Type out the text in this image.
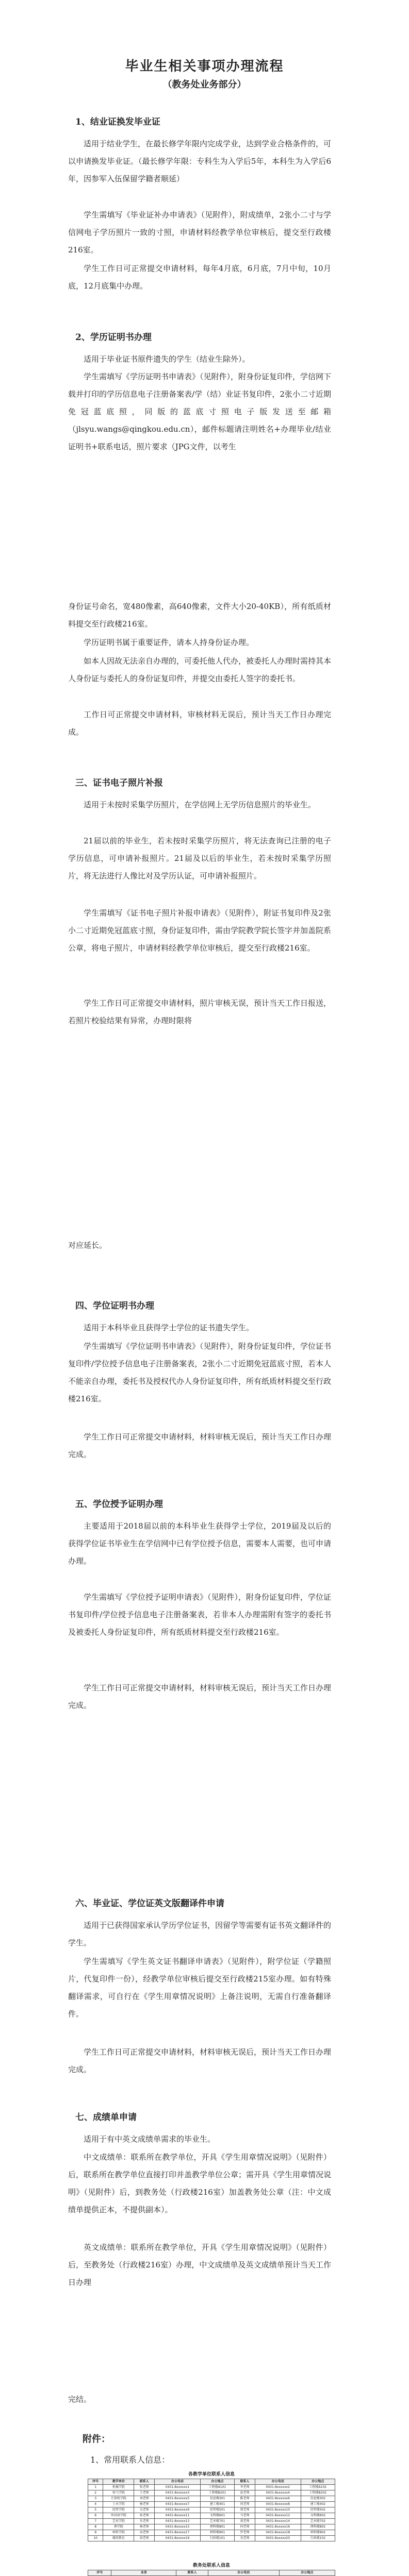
毕业生相关事项办理流程
（教务处业务部分）
1、结业证换发毕业证

适用于结业学生，在最长修学年限内完成学业，达到学业合格条件的，可以申请换发毕业证。（最长修学年限：专科生为入学后5年，本科生为入学后6年，因参军入伍保留学籍者顺延）

学生需填写《毕业证补办申请表》（见附件），附成绩单，2张小二寸与学信网电子学历照片一致的寸照，申请材料经教学单位审核后，提交至行政楼216室。

学生工作日可正常提交申请材料，每年4月底，6月底，7月中旬，10月底，12月底集中办理。

2、学历证明书办理

适用于毕业证书原件遗失的学生（结业生除外）。

学生需填写《学历证明书申请表》（见附件），附身份证复印件，学信网下载并打印的学历信息电子注册备案表/学（结）业证书复印件，2张小二寸近期免冠蓝底照，同版的蓝底寸照电子版发送至邮箱（jlsyu.wangs@qingkou.edu.cn），邮件标题请注明姓名+办理毕业/结业证明书+联系电话，照片要求（JPG文件，以考生

身份证号命名，宽480像素，高640像素，文件大小20-40KB），所有纸质材料提交至行政楼216室。

学历证明书属于重要证件，请本人持身份证办理。

如本人因故无法亲自办理的，可委托他人代办，被委托人办理时需持其本人身份证与委托人的身份证复印件，并提交由委托人签字的委托书。

工作日可正常提交申请材料，审核材料无误后，预计当天工作日办理完成。

三、证书电子照片补报

适用于未按时采集学历照片，在学信网上无学历信息照片的毕业生。

21届以前的毕业生，若未按时采集学历照片，将无法查询已注册的电子学历信息，可申请补报照片。21届及以后的毕业生，若未按时采集学历照片，将无法进行人像比对及学历认证，可申请补报照片。

学生需填写《证书电子照片补报申请表》（见附件），附证书复印件及2张小二寸近期免冠蓝底寸照，身份证复印件，需由学院教学院长签字并加盖院系公章，将电子照片，申请材料经教学单位审核后，提交至行政楼216室。

学生工作日可正常提交申请材料，照片审核无误，预计当天工作日报送，若照片校验结果有异常，办理时限将

对应延长。

四、学位证明书办理

适用于本科毕业且获得学士学位的证书遗失学生。

学生需填写《学位证明书申请表》（见附件），附身份证复印件，学位证书复印件/学位授予信息电子注册备案表，2张小二寸近期免冠蓝底寸照，若本人不能亲自办理，委托书及授权代办人身份证复印件，所有纸质材料提交至行政楼216室。

学生工作日可正常提交申请材料，材料审核无误后，预计当天工作日办理完成。

五、学位授予证明办理

主要适用于2018届以前的本科毕业生获得学士学位，2019届及以后的获得学位证书毕业生在学信网中已有学位授予信息，需要本人需要，也可申请办理。

学生需填写《学位授予证明申请表》（见附件），附身份证复印件，学位证书复印件/学位授予信息电子注册备案表，若非本人办理需附有签字的委托书及被委托人身份证复印件，所有纸质材料提交至行政楼216室。

学生工作日可正常提交申请材料，材料审核无误后，预计当天工作日办理完成。

六、毕业证、学位证英文版翻译件申请

适用于已获得国家承认学历学位证书，因留学等需要有证书英文翻译件的学生。

学生需填写《学生英文证书翻译申请表》（见附件），附学位证（学籍照片，代复印件一份），经教学单位审核后提交至行政楼215室办理。如有特殊翻译需求，可自行在《学生用章情况说明》上备注说明，无需自行准备翻译件。

学生工作日可正常提交申请材料，材料审核无误后，预计当天工作日办理完成。

七、成绩单申请

适用于有中英文成绩单需求的毕业生。

中文成绩单：联系所在教学单位，开具《学生用章情况说明》（见附件）后，联系所在教学单位直接打印并盖教学单位公章；需开具《学生用章情况说明》（见附件）后，到教务处（行政楼216室）加盖教务处公章（注：中文成绩单提供正本，不提供副本）。

英文成绩单：联系所在教学单位，开具《学生用章情况说明》（见附件）后，至教务处（行政楼216室）办理，中文成绩单及英文成绩单预计当天工作日办理

完结。

附件：
1、常用联系人信息：
各教学单位联系人信息
序号	教学单位	联系人	办公电话	办公地点	联系人	办公电话	办公地点
1	机械学院	张老师	0431-8xxxxxx1	工程楼A101	李老师	0431-8xxxxxx2	工程楼A102
2	电气学院	王老师	0431-8xxxxxx3	工程楼B201	赵老师	0431-8xxxxxx4	工程楼B202
3	计算机学院	刘老师	0431-8xxxxxx5	信息楼301	陈老师	0431-8xxxxxx6	信息楼302
4	土木学院	杨老师	0431-8xxxxxx7	建工楼401	周老师	0431-8xxxxxx8	建工楼402
5	经管学院	吴老师	0431-8xxxxxx9	经管楼501	郑老师	0431-8xxxxx10	经管楼502
6	外国语学院	孙老师	0431-8xxxxx11	文科楼601	马老师	0431-8xxxxx12	文科楼602
7	艺术学院	朱老师	0431-8xxxxx13	艺术楼701	胡老师	0431-8xxxxx14	艺术楼702
8	理学院	林老师	0431-8xxxxx15	理科楼801	何老师	0431-8xxxxx16	理科楼802
9	材料学院	高老师	0431-8xxxxx17	材料楼901	罗老师	0431-8xxxxx18	材料楼902
10	继续教育	梁老师	0431-8xxxxx19	行政楼101	宋老师	0431-8xxxxx20	行政楼102
教务处联系人信息
序号	业务	联系人	办公电话	办公地点
